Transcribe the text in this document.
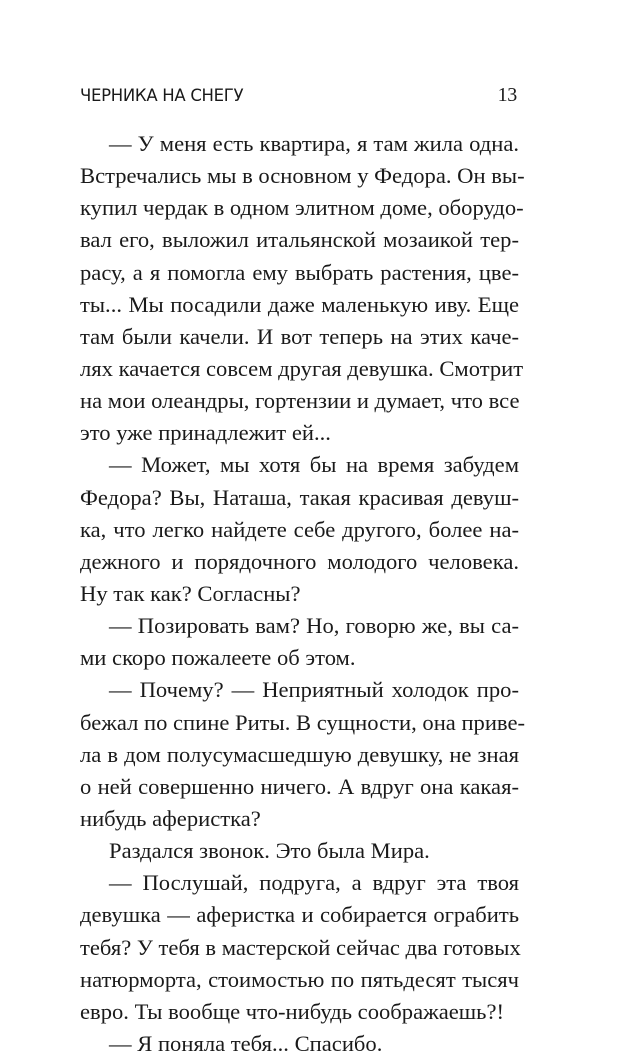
ЧЕРНИКА НА СНЕГУ	13
— У меня есть квартира, я там жила одна.
Встречались мы в основном у Федора. Он вы-
купил чердак в одном элитном доме, оборудо-
вал его, выложил итальянской мозаикой тер-
расу, а я помогла ему выбрать растения, цве-
ты... Мы посадили даже маленькую иву. Еще
там были качели. И вот теперь на этих каче-
лях качается совсем другая девушка. Смотрит
на мои олеандры, гортензии и думает, что все
это уже принадлежит ей...
— Может, мы хотя бы на время забудем
Федора? Вы, Наташа, такая красивая девуш-
ка, что легко найдете себе другого, более на-
дежного и порядочного молодого человека.
Ну так как? Согласны?
— Позировать вам? Но, говорю же, вы са-
ми скоро пожалеете об этом.
— Почему? — Неприятный холодок про-
бежал по спине Риты. В сущности, она приве-
ла в дом полусумасшедшую девушку, не зная
о ней совершенно ничего. А вдруг она какая-
нибудь аферистка?
Раздался звонок. Это была Мира.
— Послушай, подруга, а вдруг эта твоя
девушка — аферистка и собирается ограбить
тебя? У тебя в мастерской сейчас два готовых
натюрморта, стоимостью по пятьдесят тысяч
евро. Ты вообще что-нибудь соображаешь?!
— Я поняла тебя... Спасибо.
